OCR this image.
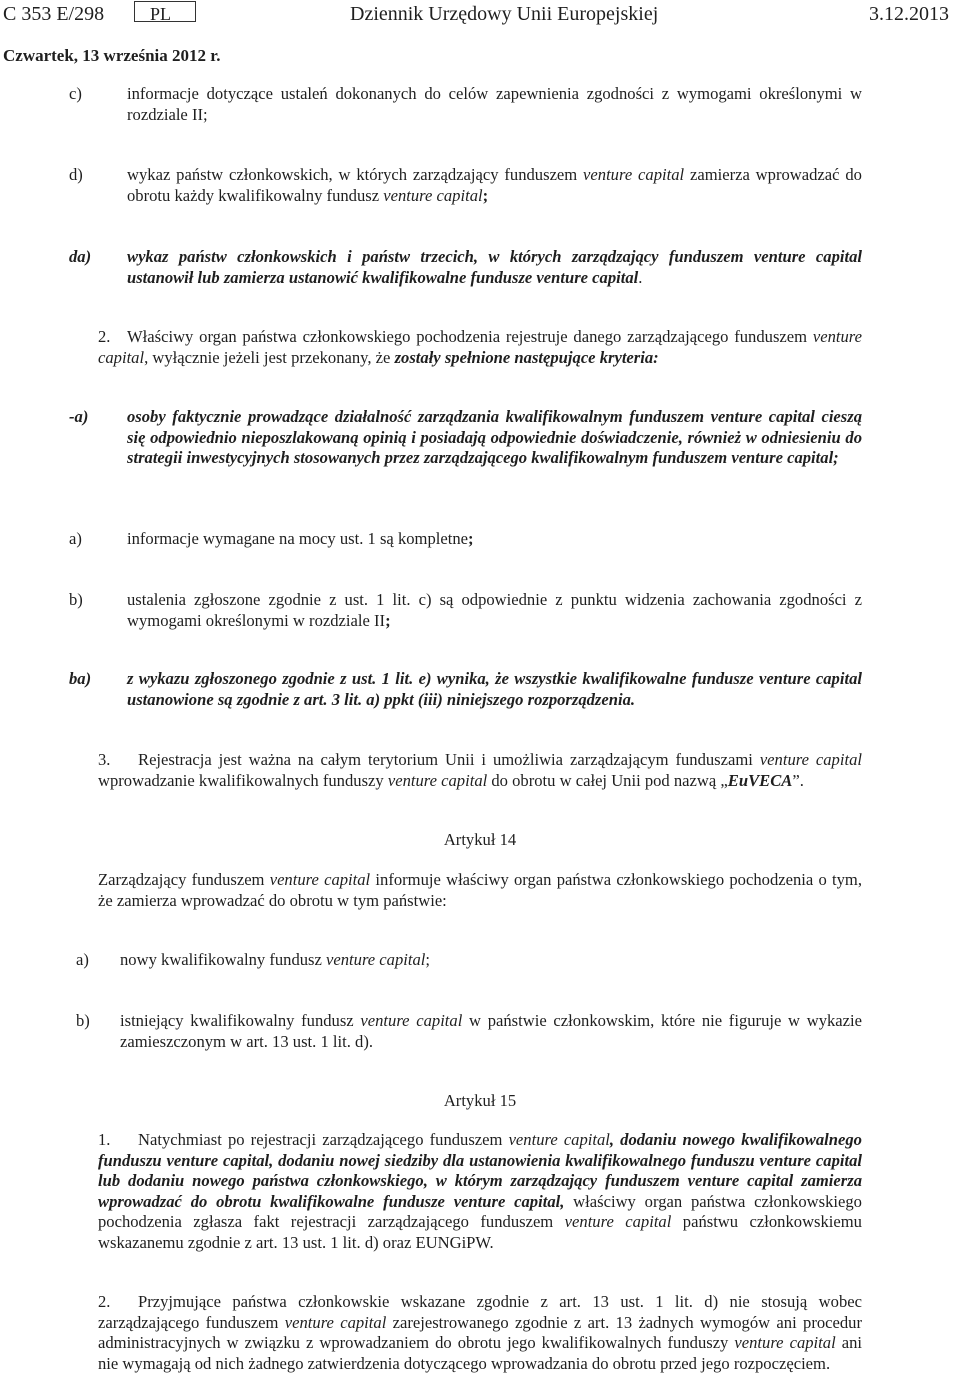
C 353 E/298	PL	Dziennik Urzędowy Unii Europejskiej	3.12.2013
Czwartek, 13 września 2012 r.

c)	informacje dotyczące ustaleń dokonanych do celów zapewnienia zgodności z wymogami określonymi w rozdziale II;

d)	wykaz państw członkowskich, w których zarządzający funduszem venture capital zamierza wprowadzać do obrotu każdy kwalifikowalny fundusz venture capital;

da) wykaz państw członkowskich i państw trzecich, w których zarządzający funduszem venture capital ustanowił lub zamierza ustanowić kwalifikowalne fundusze venture capital.

2. Właściwy organ państwa członkowskiego pochodzenia rejestruje danego zarządzającego funduszem venture capital, wyłącznie jeżeli jest przekonany, że zostały spełnione następujące kryteria:

-a) osoby faktycznie prowadzące działalność zarządzania kwalifikowalnym funduszem venture capital cieszą się odpowiednio nieposzlakowaną opinią i posiadają odpowiednie doświadczenie, również w odniesieniu do strategii inwestycyjnych stosowanych przez zarządzającego kwalifikowalnym funduszem venture capital;

a)	informacje wymagane na mocy ust. 1 są kompletne;

b)	ustalenia zgłoszone zgodnie z ust. 1 lit. c) są odpowiednie z punktu widzenia zachowania zgodności z wymogami określonymi w rozdziale II;

ba) z wykazu zgłoszonego zgodnie z ust. 1 lit. e) wynika, że wszystkie kwalifikowalne fundusze venture capital ustanowione są zgodnie z art. 3 lit. a) ppkt (iii) niniejszego rozporządzenia.

3. Rejestracja jest ważna na całym terytorium Unii i umożliwia zarządzającym funduszami venture capital wprowadzanie kwalifikowalnych funduszy venture capital do obrotu w całej Unii pod nazwą „EuVECA”.

Artykuł 14

Zarządzający funduszem venture capital informuje właściwy organ państwa członkowskiego pochodzenia o tym, że zamierza wprowadzać do obrotu w tym państwie:

a) nowy kwalifikowalny fundusz venture capital;

b) istniejący kwalifikowalny fundusz venture capital w państwie członkowskim, które nie figuruje w wykazie zamieszczonym w art. 13 ust. 1 lit. d).

Artykuł 15

1. Natychmiast po rejestracji zarządzającego funduszem venture capital, dodaniu nowego kwalifikowalnego funduszu venture capital, dodaniu nowej siedziby dla ustanowienia kwalifikowalnego funduszu venture capital lub dodaniu nowego państwa członkowskiego, w którym zarządzający funduszem venture capital zamierza wprowadzać do obrotu kwalifikowalne fundusze venture capital, właściwy organ państwa członkowskiego pochodzenia zgłasza fakt rejestracji zarządzającego funduszem venture capital państwu członkowskiemu wskazanemu zgodnie z art. 13 ust. 1 lit. d) oraz EUNGiPW.

2. Przyjmujące państwa członkowskie wskazane zgodnie z art. 13 ust. 1 lit. d) nie stosują wobec zarządzającego funduszem venture capital zarejestrowanego zgodnie z art. 13 żadnych wymogów ani procedur administracyjnych w związku z wprowadzaniem do obrotu jego kwalifikowalnych funduszy venture capital ani nie wymagają od nich żadnego zatwierdzenia dotyczącego wprowadzania do obrotu przed jego rozpoczęciem.
